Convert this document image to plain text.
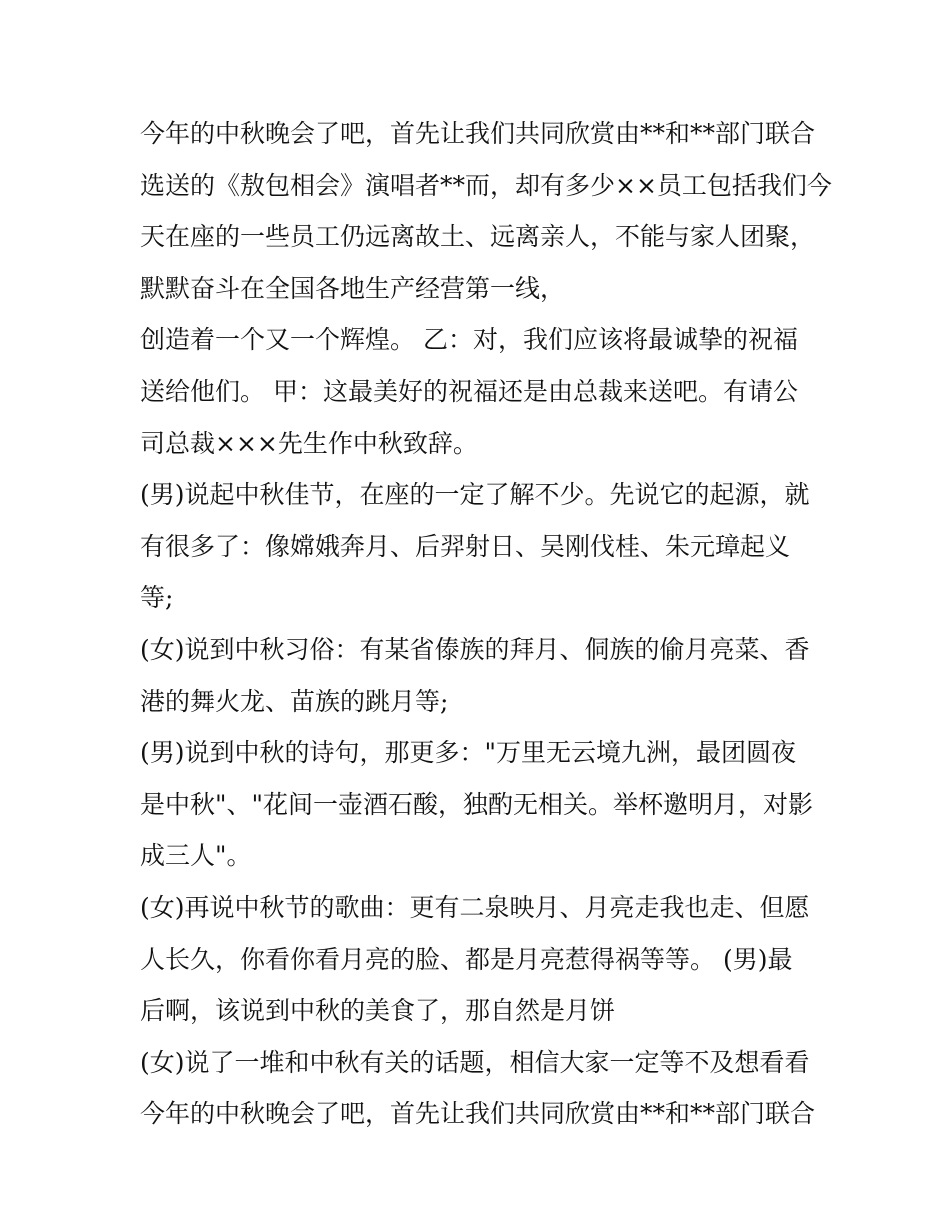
今年的中秋晚会了吧，首先让我们共同欣赏由**和**部门联合
选送的《敖包相会》演唱者**而，却有多少××员工包括我们今
天在座的一些员工仍远离故土、远离亲人，不能与家人团聚，
默默奋斗在全国各地生产经营第一线，
创造着一个又一个辉煌。 乙：对，我们应该将最诚挚的祝福
送给他们。 甲：这最美好的祝福还是由总裁来送吧。有请公
司总裁×××先生作中秋致辞。
(男)说起中秋佳节，在座的一定了解不少。先说它的起源，就
有很多了：像嫦娥奔月、后羿射日、吴刚伐桂、朱元璋起义
等;
(女)说到中秋习俗：有某省傣族的拜月、侗族的偷月亮菜、香
港的舞火龙、苗族的跳月等;
(男)说到中秋的诗句，那更多："万里无云境九洲，最团圆夜
是中秋"、"花间一壶酒石酸，独酌无相关。举杯邀明月，对影
成三人"。
(女)再说中秋节的歌曲：更有二泉映月、月亮走我也走、但愿
人长久，你看你看月亮的脸、都是月亮惹得祸等等。 (男)最
后啊，该说到中秋的美食了，那自然是月饼
(女)说了一堆和中秋有关的话题，相信大家一定等不及想看看
今年的中秋晚会了吧，首先让我们共同欣赏由**和**部门联合
